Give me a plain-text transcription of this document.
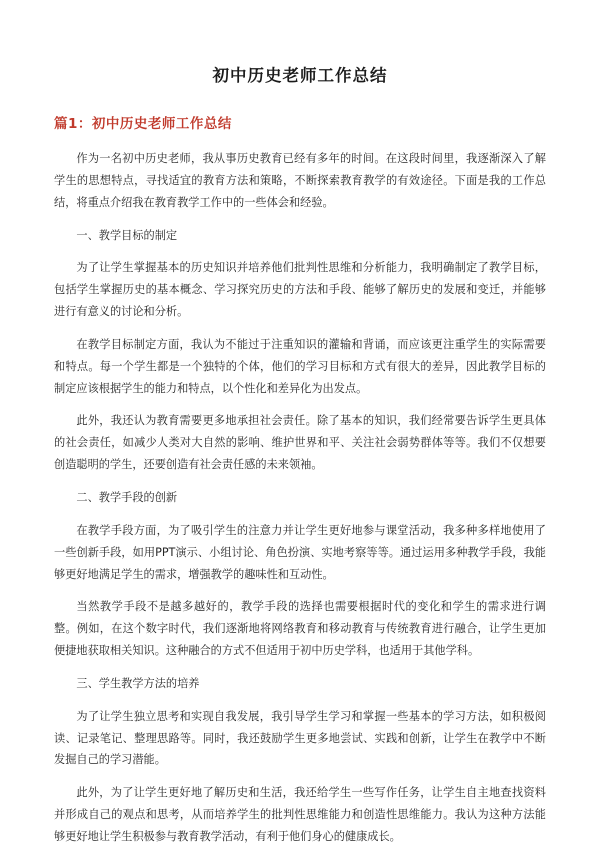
初中历史老师工作总结
篇1：初中历史老师工作总结

作为一名初中历史老师，我从事历史教育已经有多年的时间。在这段时间里，我逐渐深入了解学生的思想特点，寻找适宜的教育方法和策略，不断探索教育教学的有效途径。下面是我的工作总结，将重点介绍我在教育教学工作中的一些体会和经验。

一、教学目标的制定

为了让学生掌握基本的历史知识并培养他们批判性思维和分析能力，我明确制定了教学目标，包括学生掌握历史的基本概念、学习探究历史的方法和手段、能够了解历史的发展和变迁，并能够进行有意义的讨论和分析。

在教学目标制定方面，我认为不能过于注重知识的灌输和背诵，而应该更注重学生的实际需要和特点。每一个学生都是一个独特的个体，他们的学习目标和方式有很大的差异，因此教学目标的制定应该根据学生的能力和特点，以个性化和差异化为出发点。

此外，我还认为教育需要更多地承担社会责任。除了基本的知识，我们经常要告诉学生更具体的社会责任，如减少人类对大自然的影响、维护世界和平、关注社会弱势群体等等。我们不仅想要创造聪明的学生，还要创造有社会责任感的未来领袖。

二、教学手段的创新

在教学手段方面，为了吸引学生的注意力并让学生更好地参与课堂活动，我多种多样地使用了一些创新手段，如用PPT演示、小组讨论、角色扮演、实地考察等等。通过运用多种教学手段，我能够更好地满足学生的需求，增强教学的趣味性和互动性。

当然教学手段不是越多越好的，教学手段的选择也需要根据时代的变化和学生的需求进行调整。例如，在这个数字时代，我们逐渐地将网络教育和移动教育与传统教育进行融合，让学生更加便捷地获取相关知识。这种融合的方式不但适用于初中历史学科，也适用于其他学科。

三、学生教学方法的培养

为了让学生独立思考和实现自我发展，我引导学生学习和掌握一些基本的学习方法，如积极阅读、记录笔记、整理思路等。同时，我还鼓励学生更多地尝试、实践和创新，让学生在教学中不断发掘自己的学习潜能。

此外，为了让学生更好地了解历史和生活，我还给学生一些写作任务，让学生自主地查找资料并形成自己的观点和思考，从而培养学生的批判性思维能力和创造性思维能力。我认为这种方法能够更好地让学生积极参与教育教学活动，有利于他们身心的健康成长。
